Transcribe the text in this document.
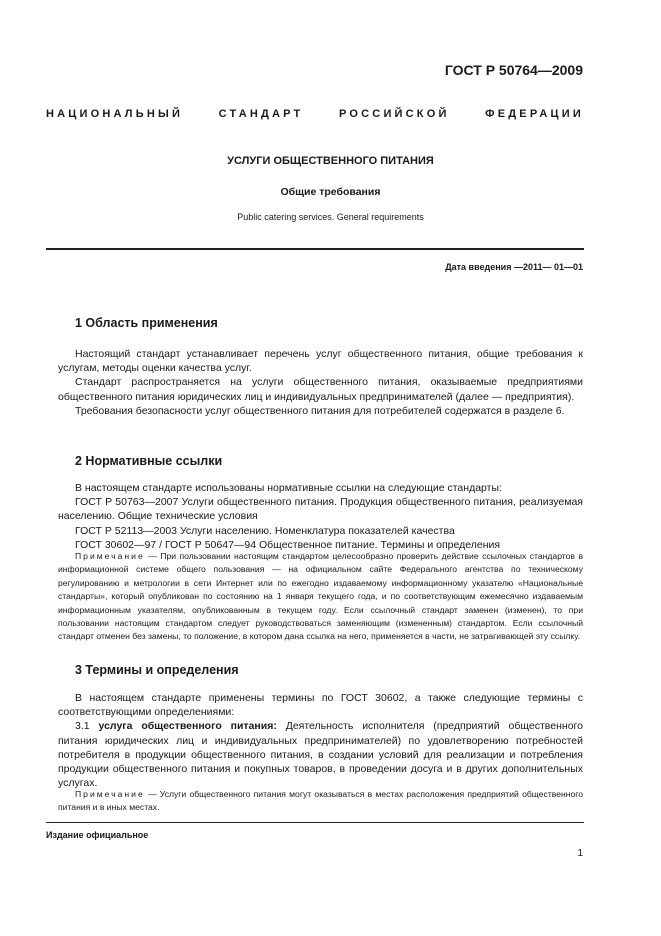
ГОСТ Р 50764—2009
НАЦИОНАЛЬНЫЙ	СТАНДАРТ	РОССИЙСКОЙ	ФЕДЕРАЦИИ
УСЛУГИ ОБЩЕСТВЕННОГО ПИТАНИЯ
Общие требования
Public catering services. General requirements
Дата введения —2011— 01—01
1 Область применения

Настоящий стандарт устанавливает перечень услуг общественного питания, общие требования к услугам, методы оценки качества услуг.

Стандарт распространяется на услуги общественного питания, оказываемые предприятиями общественного питания юридических лиц и индивидуальных предпринимателей (далее — предприятия).

Требования безопасности услуг общественного питания для потребителей содержатся в разделе 6.

2 Нормативные ссылки

В настоящем стандарте использованы нормативные ссылки на следующие стандарты:

ГОСТ Р 50763—2007 Услуги общественного питания. Продукция общественного питания, реализуемая населению. Общие технические условия

ГОСТ Р 52113—2003 Услуги населению. Номенклатура показателей качества

ГОСТ 30602—97 / ГОСТ Р 50647—94 Общественное питание. Термины и определения

Примечание — При пользовании настоящим стандартом целесообразно проверить действие ссылочных стандартов в информационной системе общего пользования — на официальном сайте Федерального агентства по техническому регулированию и метрологии в сети Интернет или по ежегодно издаваемому информационному указателю «Национальные стандарты», который опубликован по состоянию на 1 января текущего года, и по соответствующим ежемесячно издаваемым информационным указателям, опубликованным в текущем году. Если ссылочный стандарт заменен (изменен), то при пользовании настоящим стандартом следует руководствоваться заменяющим (измененным) стандартом. Если ссылочный стандарт отменен без замены, то положение, в котором дана ссылка на него, применяется в части, не затрагивающей эту ссылку.

3 Термины и определения

В настоящем стандарте применены термины по ГОСТ 30602, а также следующие термины с соответствующими определениями:

3.1 услуга общественного питания: Деятельность исполнителя (предприятий общественного питания юридических лиц и индивидуальных предпринимателей) по удовлетворению потребностей потребителя в продукции общественного питания, в создании условий для реализации и потребления продукции общественного питания и покупных товаров, в проведении досуга и в других дополнительных услугах.

Примечание — Услуги общественного питания могут оказываться в местах расположения предприятий общественного питания и в иных местах.

Издание официальное
1
